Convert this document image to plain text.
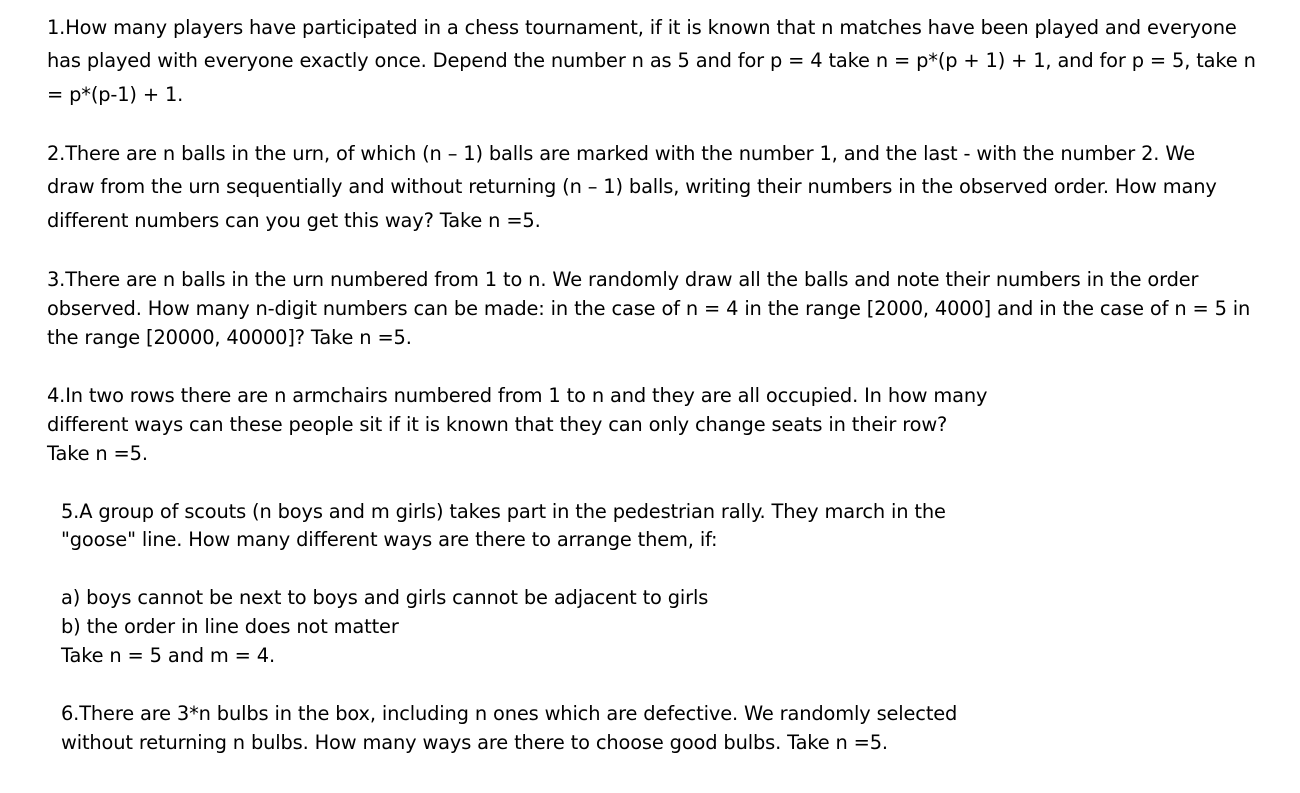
1.How many players have participated in a chess tournament, if it is known that n matches have been played and everyone
has played with everyone exactly once. Depend the number n as 5 and for p = 4 take n = p*(p + 1) + 1, and for p = 5, take n
= p*(p-1) + 1.
2.There are n balls in the urn, of which (n – 1) balls are marked with the number 1, and the last - with the number 2. We
draw from the urn sequentially and without returning (n – 1) balls, writing their numbers in the observed order. How many
different numbers can you get this way? Take n =5.
3.There are n balls in the urn numbered from 1 to n. We randomly draw all the balls and note their numbers in the order
observed. How many n-digit numbers can be made: in the case of n = 4 in the range [2000, 4000] and in the case of n = 5 in
the range [20000, 40000]? Take n =5.
4.In two rows there are n armchairs numbered from 1 to n and they are all occupied. In how many
different ways can these people sit if it is known that they can only change seats in their row?
Take n =5.
5.A group of scouts (n boys and m girls) takes part in the pedestrian rally. They march in the
"goose" line. How many different ways are there to arrange them, if:
a) boys cannot be next to boys and girls cannot be adjacent to girls
b) the order in line does not matter
Take n = 5 and m = 4.
6.There are 3*n bulbs in the box, including n ones which are defective. We randomly selected
without returning n bulbs. How many ways are there to choose good bulbs. Take n =5.
